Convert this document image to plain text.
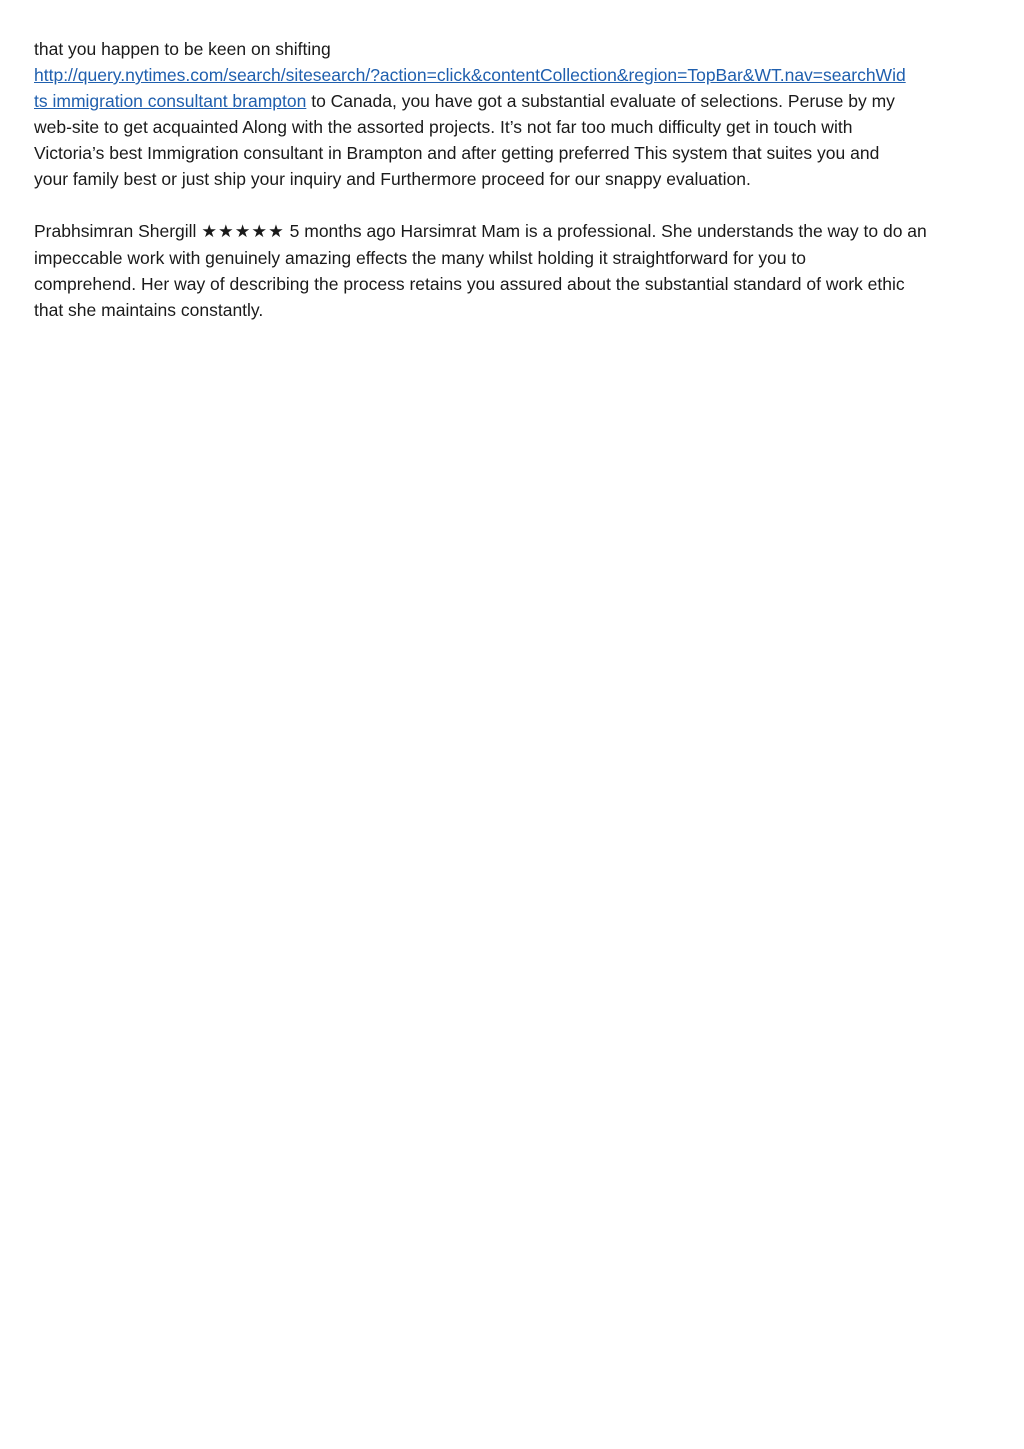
that you happen to be keen on shifting
http://query.nytimes.com/search/sitesearch/?action=click&contentCollection&region=TopBar&WT.nav=searchWid
ts immigration consultant brampton to Canada, you have got a substantial evaluate of selections. Peruse by my
web-site to get acquainted Along with the assorted projects. It’s not far too much difficulty get in touch with
Victoria’s best Immigration consultant in Brampton and after getting preferred This system that suites you and
your family best or just ship your inquiry and Furthermore proceed for our snappy evaluation.

Prabhsimran Shergill ★★★★★ 5 months ago Harsimrat Mam is a professional. She understands the way to do an
impeccable work with genuinely amazing effects the many whilst holding it straightforward for you to
comprehend. Her way of describing the process retains you assured about the substantial standard of work ethic
that she maintains constantly.
